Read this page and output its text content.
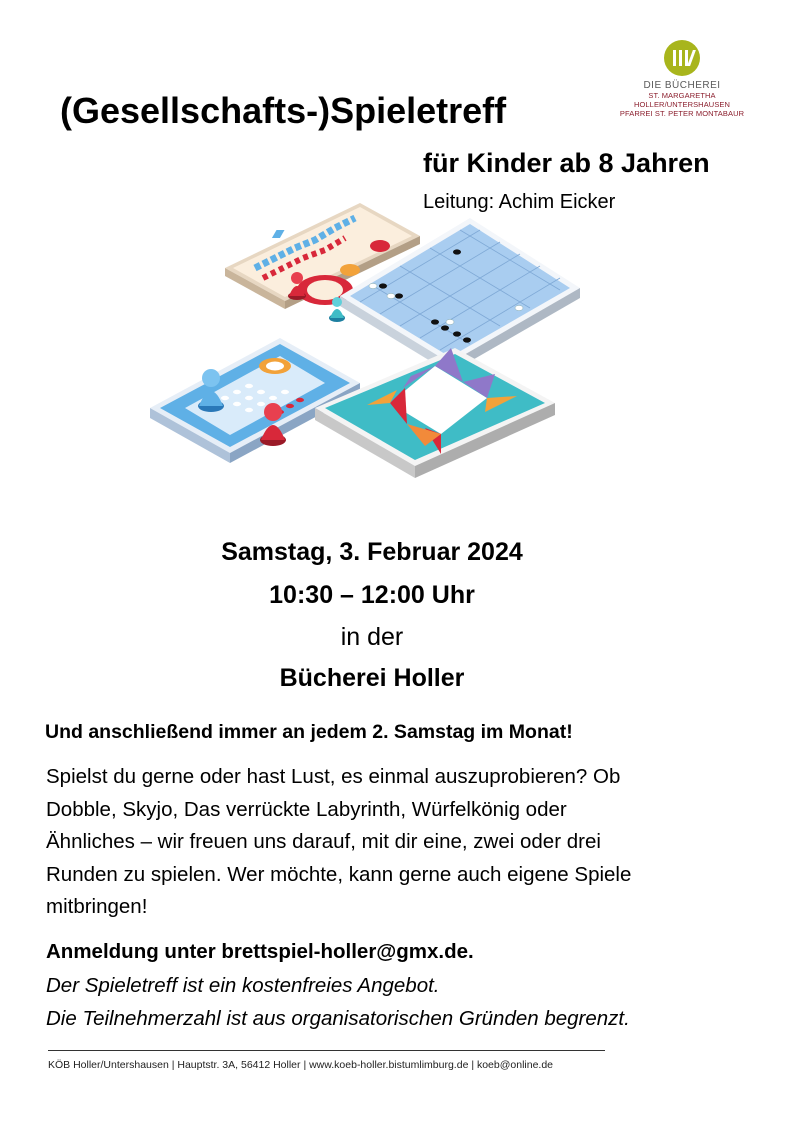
DIE BÜCHEREI
ST. MARGARETHA HOLLER/UNTERSHAUSEN
PFARREI ST. PETER MONTABAUR
(Gesellschafts-)Spieletreff
für Kinder ab 8 Jahren
Leitung: Achim Eicker
Samstag, 3. Februar 2024
10:30 – 12:00 Uhr
in der
Bücherei Holler
Und anschließend immer an jedem 2. Samstag im Monat!

Spielst du gerne oder hast Lust, es einmal auszuprobieren? Ob
Dobble, Skyjo, Das verrückte Labyrinth, Würfelkönig oder
Ähnliches – wir freuen uns darauf, mit dir eine, zwei oder drei
Runden zu spielen. Wer möchte, kann gerne auch eigene Spiele
mitbringen!

Anmeldung unter brettspiel-holler@gmx.de.
Der Spieletreff ist ein kostenfreies Angebot.
Die Teilnehmerzahl ist aus organisatorischen Gründen begrenzt.
KÖB Holler/Untershausen | Hauptstr. 3A, 56412 Holler | www.koeb-holler.bistumlimburg.de | koeb@online.de
